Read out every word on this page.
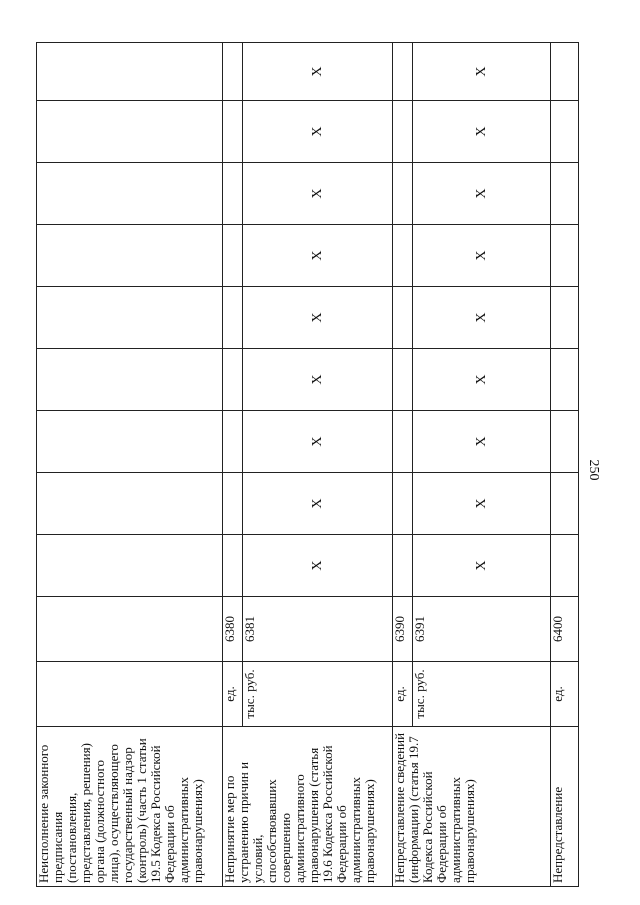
250
Неисполнение законного предписания (постановления, представления, решения) органа (должностного лица), осуществляющего государственный надзор (контроль) (часть 1 статьи 19.5 Кодекса Российской Федерации об административных правонарушениях)											
Непринятие мер по устранению причин и условий, способствовавших совершению административного правонарушения (статья 19.6 Кодекса Российской Федерации об административных правонарушениях)	ед.	6380									
	тыс. руб.	6381	Х	Х	Х	Х	Х	Х	Х	Х	Х
Непредставление сведений (информации) (статья 19.7 Кодекса Российской Федерации об административных правонарушениях)	ед.	6390									
	тыс. руб.	6391	Х	Х	Х	Х	Х	Х	Х	Х	Х
Непредставление	ед.	6400									
